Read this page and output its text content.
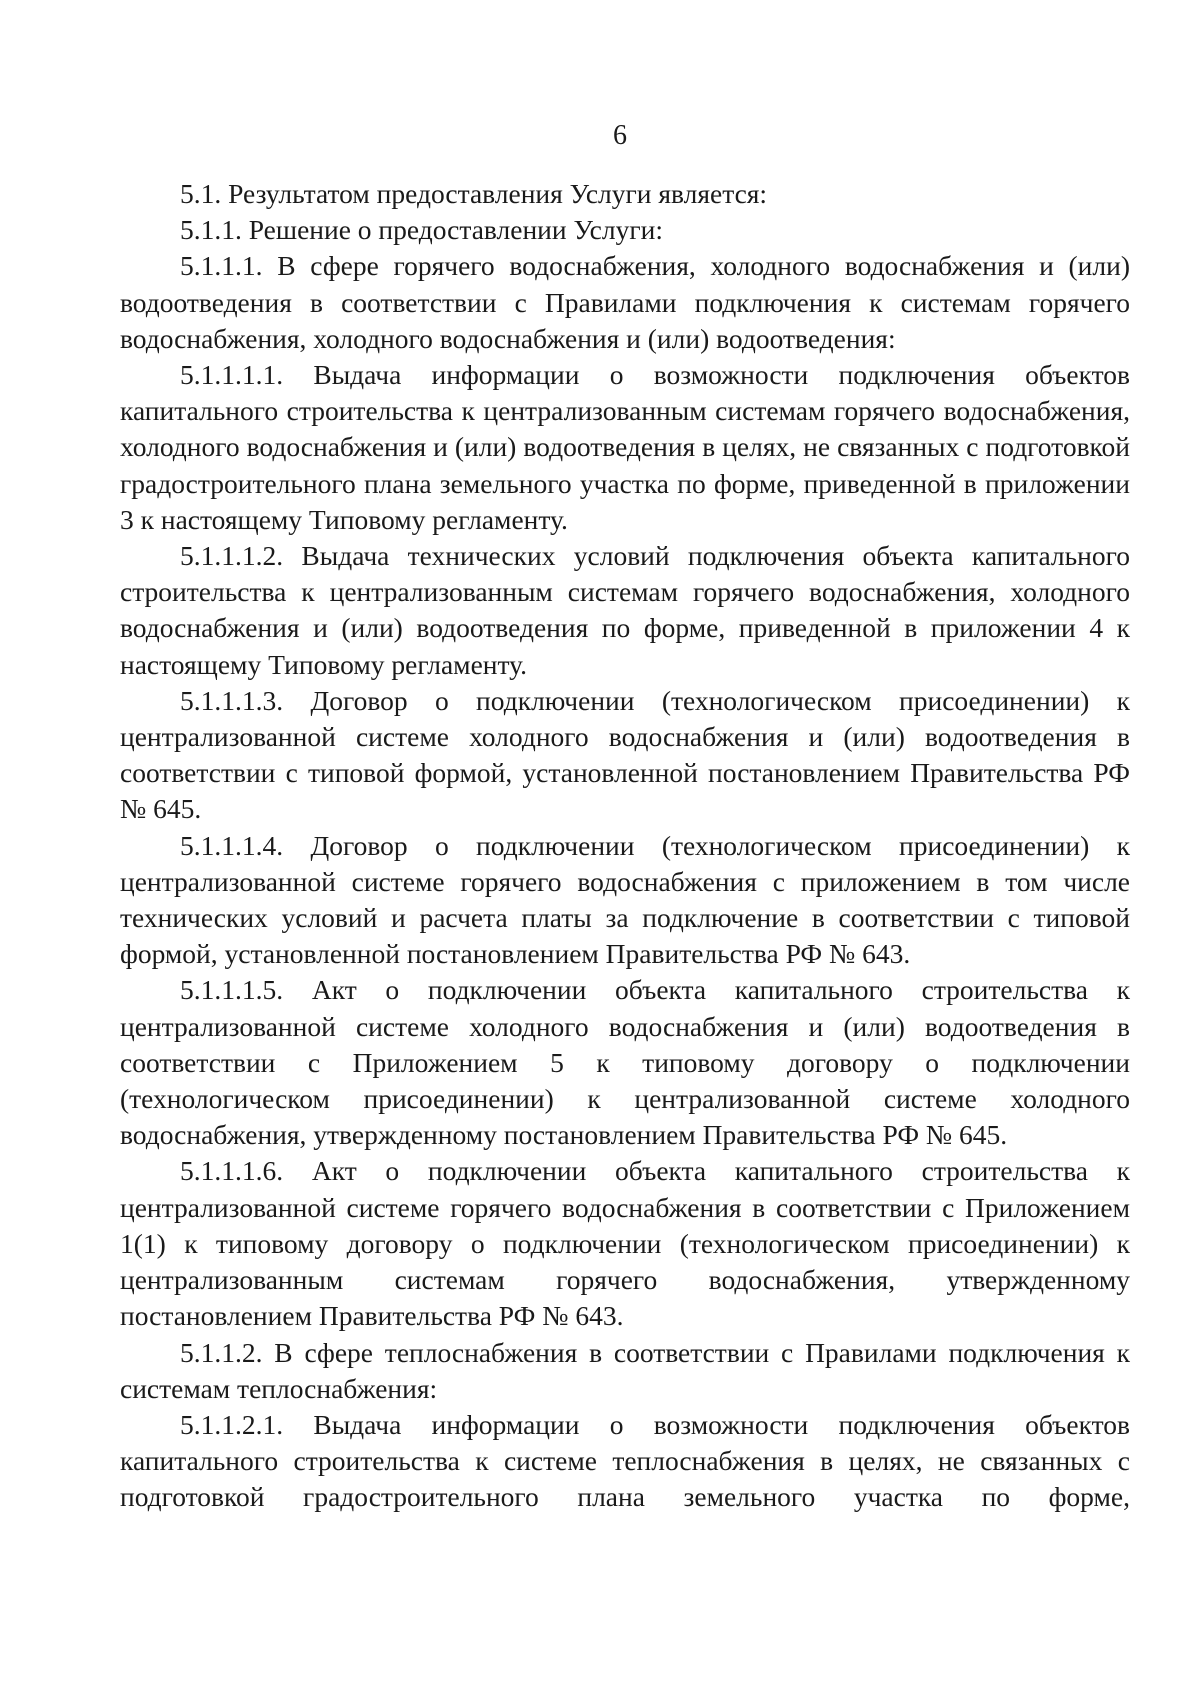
6

5.1. Результатом предоставления Услуги является:

5.1.1. Решение о предоставлении Услуги:

5.1.1.1. В сфере горячего водоснабжения, холодного водоснабжения и (или) водоотведения в соответствии с Правилами подключения к системам горячего водоснабжения, холодного водоснабжения и (или) водоотведения:

5.1.1.1.1. Выдача информации о возможности подключения объектов капитального строительства к централизованным системам горячего водоснабжения, холодного водоснабжения и (или) водоотведения в целях, не связанных с подготовкой градостроительного плана земельного участка по форме, приведенной в приложении 3 к настоящему Типовому регламенту.

5.1.1.1.2. Выдача технических условий подключения объекта капитального строительства к централизованным системам горячего водоснабжения, холодного водоснабжения и (или) водоотведения по форме, приведенной в приложении 4 к настоящему Типовому регламенту.

5.1.1.1.3. Договор о подключении (технологическом присоединении) к централизованной системе холодного водоснабжения и (или) водоотведения в соответствии с типовой формой, установленной постановлением Правительства РФ № 645.

5.1.1.1.4. Договор о подключении (технологическом присоединении) к централизованной системе горячего водоснабжения с приложением в том числе технических условий и расчета платы за подключение в соответствии с типовой формой, установленной постановлением Правительства РФ № 643.

5.1.1.1.5. Акт о подключении объекта капитального строительства к централизованной системе холодного водоснабжения и (или) водоотведения в соответствии с Приложением 5 к типовому договору о подключении (технологическом присоединении) к централизованной системе холодного водоснабжения, утвержденному постановлением Правительства РФ № 645.

5.1.1.1.6. Акт о подключении объекта капитального строительства к централизованной системе горячего водоснабжения в соответствии с Приложением 1(1) к типовому договору о подключении (технологическом присоединении) к централизованным системам горячего водоснабжения, утвержденному постановлением Правительства РФ № 643.

5.1.1.2. В сфере теплоснабжения в соответствии с Правилами подключения к системам теплоснабжения:

5.1.1.2.1. Выдача информации о возможности подключения объектов капитального строительства к системе теплоснабжения в целях, не связанных с подготовкой градостроительного плана земельного участка по форме,
